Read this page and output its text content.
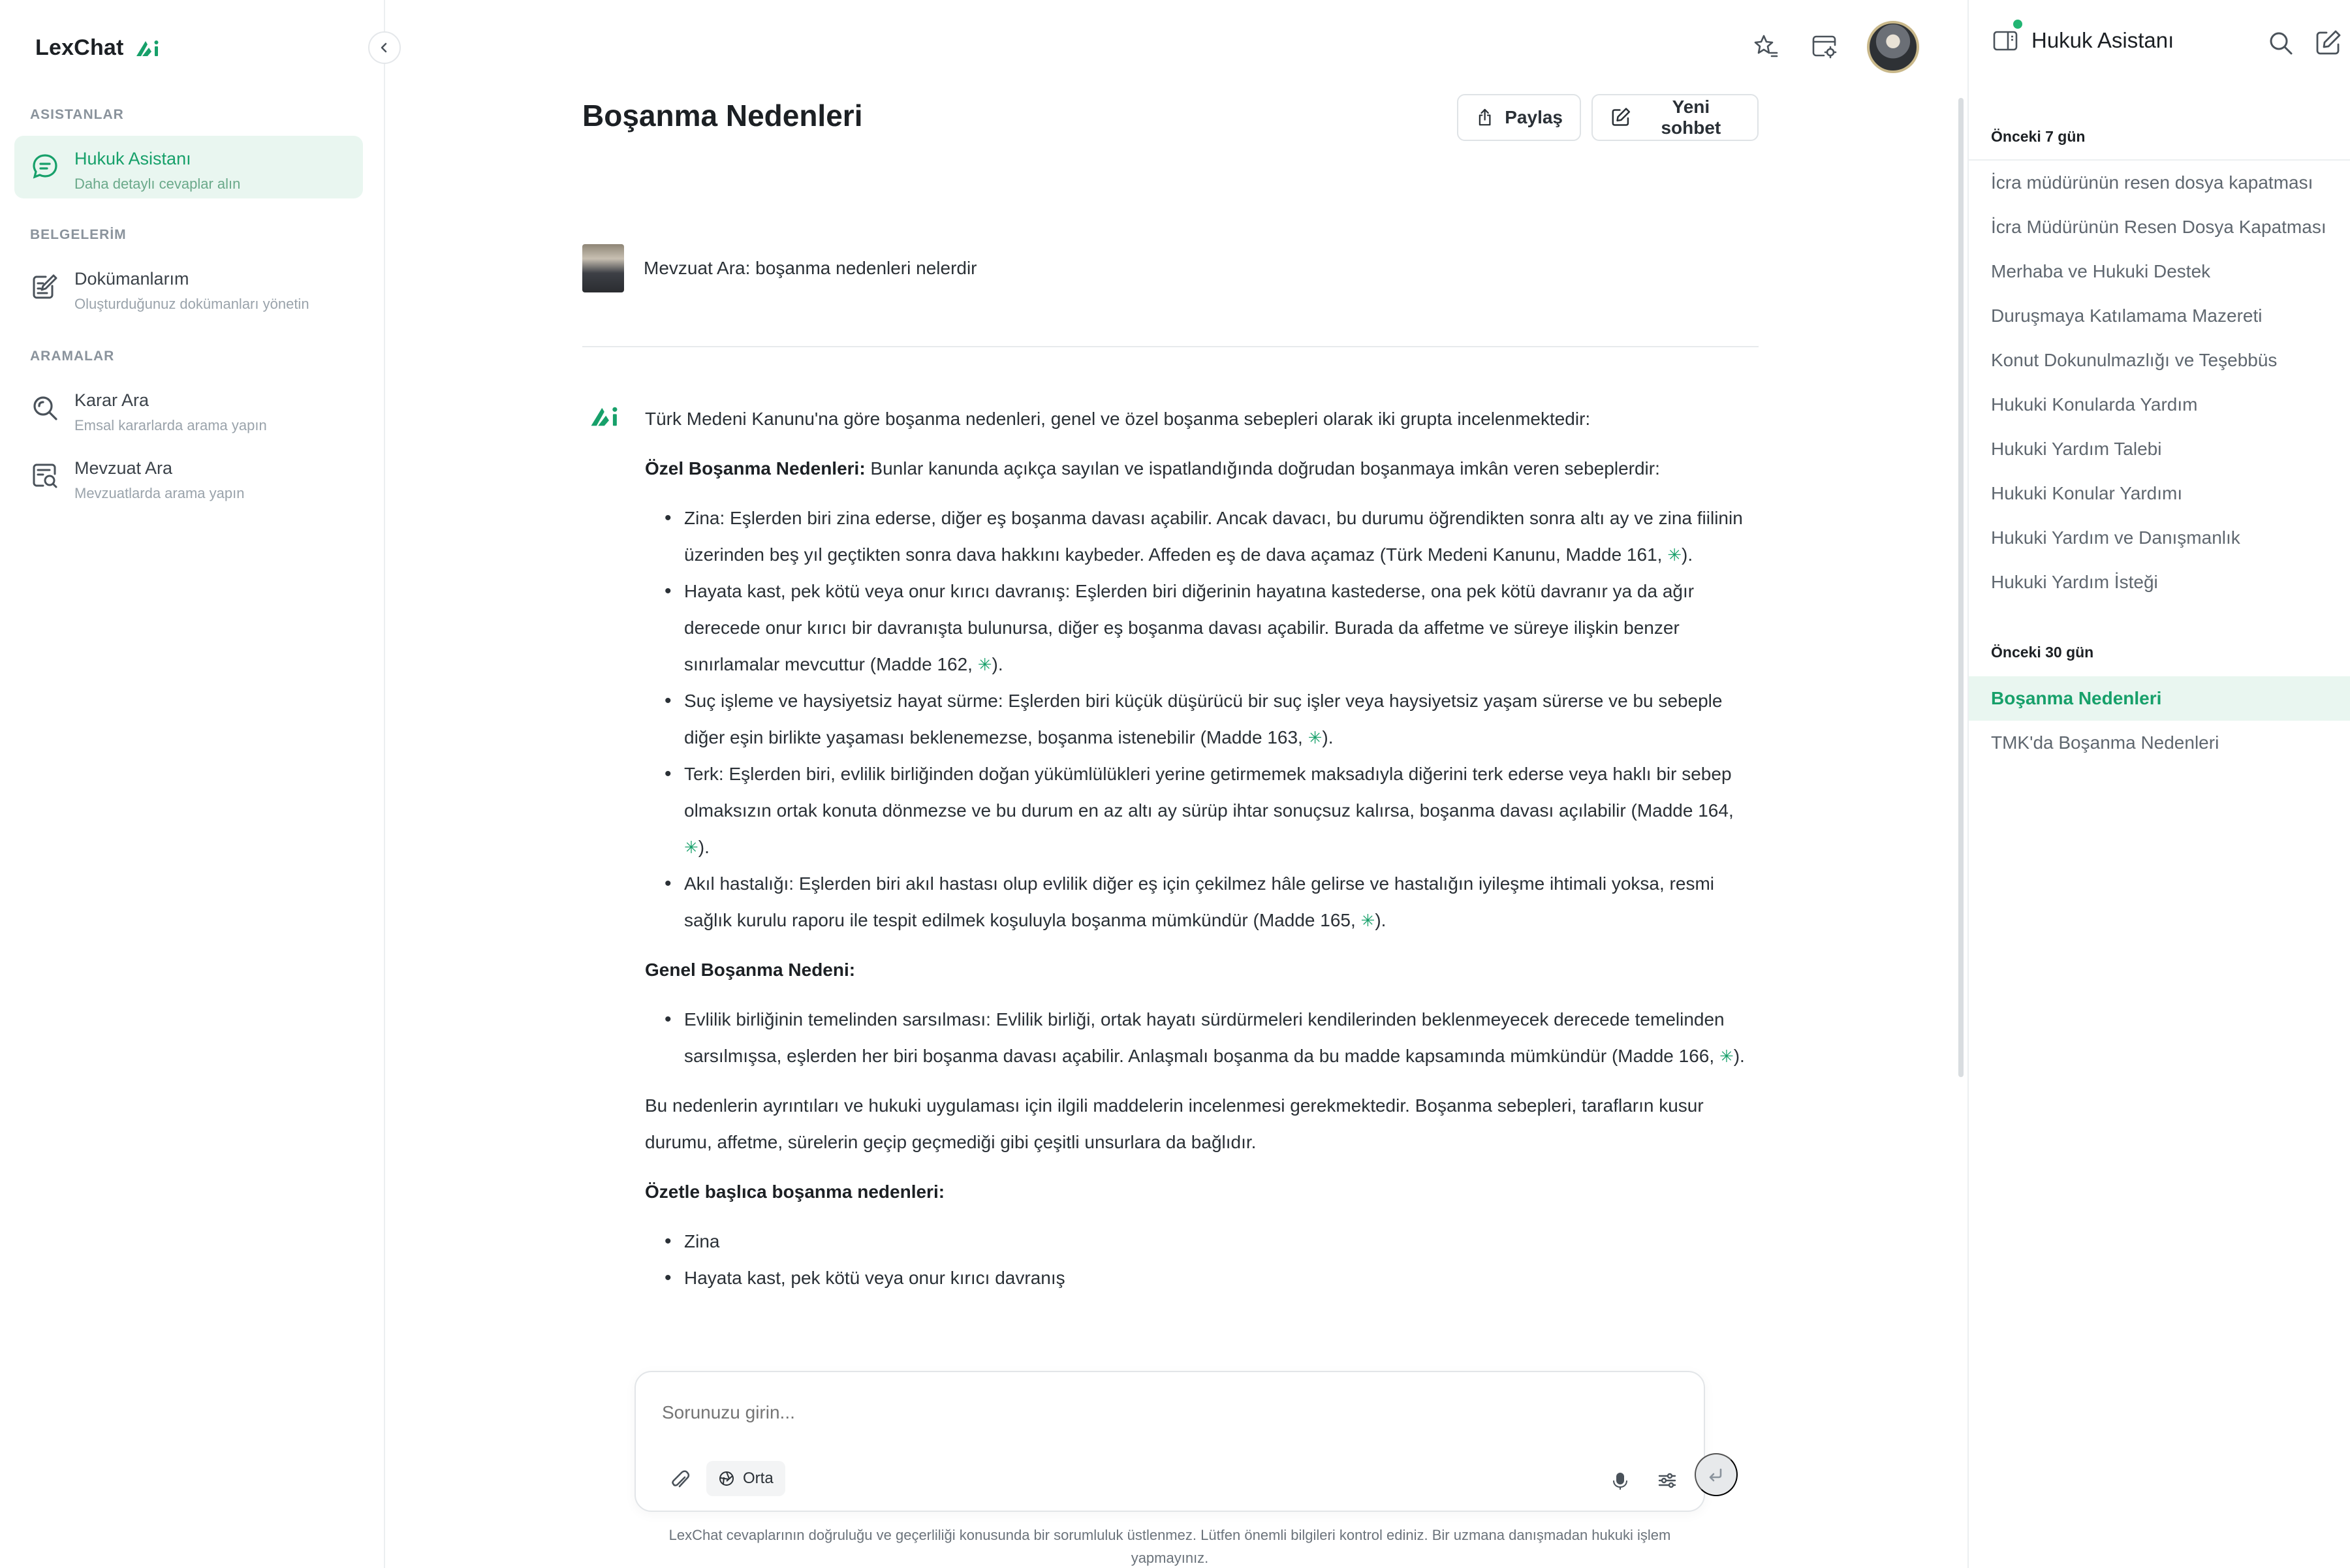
LexChat
ASISTANLAR
Hukuk Asistanı
Daha detaylı cevaplar alın
BELGELERİM
Dokümanlarım
Oluşturduğunuz dokümanları yönetin
ARAMALAR
Karar Ara
Emsal kararlarda arama yapın
Mevzuat Ara
Mevzuatlarda arama yapın
Boşanma Nedenleri	Paylaş
Yeni sohbet
Mevzuat Ara: boşanma nedenleri nelerdir

Türk Medeni Kanunu'na göre boşanma nedenleri, genel ve özel boşanma sebepleri olarak iki grupta incelenmektedir:

Özel Boşanma Nedenleri: Bunlar kanunda açıkça sayılan ve ispatlandığında doğrudan boşanmaya imkân veren sebeplerdir:

• Zina: Eşlerden biri zina ederse, diğer eş boşanma davası açabilir. Ancak davacı, bu durumu öğrendikten sonra altı ay ve zina fiilinin üzerinden beş yıl geçtikten sonra dava hakkını kaybeder. Affeden eş de dava açamaz (Türk Medeni Kanunu, Madde 161, ✳).
• Hayata kast, pek kötü veya onur kırıcı davranış: Eşlerden biri diğerinin hayatına kastederse, ona pek kötü davranır ya da ağır derecede onur kırıcı bir davranışta bulunursa, diğer eş boşanma davası açabilir. Burada da affetme ve süreye ilişkin benzer sınırlamalar mevcuttur (Madde 162, ✳).
• Suç işleme ve haysiyetsiz hayat sürme: Eşlerden biri küçük düşürücü bir suç işler veya haysiyetsiz yaşam sürerse ve bu sebeple diğer eşin birlikte yaşaması beklenemezse, boşanma istenebilir (Madde 163, ✳).
• Terk: Eşlerden biri, evlilik birliğinden doğan yükümlülükleri yerine getirmemek maksadıyla diğerini terk ederse veya haklı bir sebep olmaksızın ortak konuta dönmezse ve bu durum en az altı ay sürüp ihtar sonuçsuz kalırsa, boşanma davası açılabilir (Madde 164, ✳).
• Akıl hastalığı: Eşlerden biri akıl hastası olup evlilik diğer eş için çekilmez hâle gelirse ve hastalığın iyileşme ihtimali yoksa, resmi sağlık kurulu raporu ile tespit edilmek koşuluyla boşanma mümkündür (Madde 165, ✳).

Genel Boşanma Nedeni:

• Evlilik birliğinin temelinden sarsılması: Evlilik birliği, ortak hayatı sürdürmeleri kendilerinden beklenmeyecek derecede temelinden sarsılmışsa, eşlerden her biri boşanma davası açabilir. Anlaşmalı boşanma da bu madde kapsamında mümkündür (Madde 166, ✳).

Bu nedenlerin ayrıntıları ve hukuki uygulaması için ilgili maddelerin incelenmesi gerekmektedir. Boşanma sebepleri, tarafların kusur durumu, affetme, sürelerin geçip geçmediği gibi çeşitli unsurlara da bağlıdır.

Özetle başlıca boşanma nedenleri:

• Zina
• Hayata kast, pek kötü veya onur kırıcı davranış
Sorunuzu girin...
Orta
LexChat cevaplarının doğruluğu ve geçerliliği konusunda bir sorumluluk üstlenmez. Lütfen önemli bilgileri kontrol ediniz. Bir uzmana danışmadan hukuki işlem yapmayınız.
Hukuk Asistanı
Önceki 7 gün
İcra müdürünün resen dosya kapatması
İcra Müdürünün Resen Dosya Kapatması
Merhaba ve Hukuki Destek
Duruşmaya Katılamama Mazereti
Konut Dokunulmazlığı ve Teşebbüs
Hukuki Konularda Yardım
Hukuki Yardım Talebi
Hukuki Konular Yardımı
Hukuki Yardım ve Danışmanlık
Hukuki Yardım İsteği
Önceki 30 gün
Boşanma Nedenleri
TMK'da Boşanma Nedenleri
